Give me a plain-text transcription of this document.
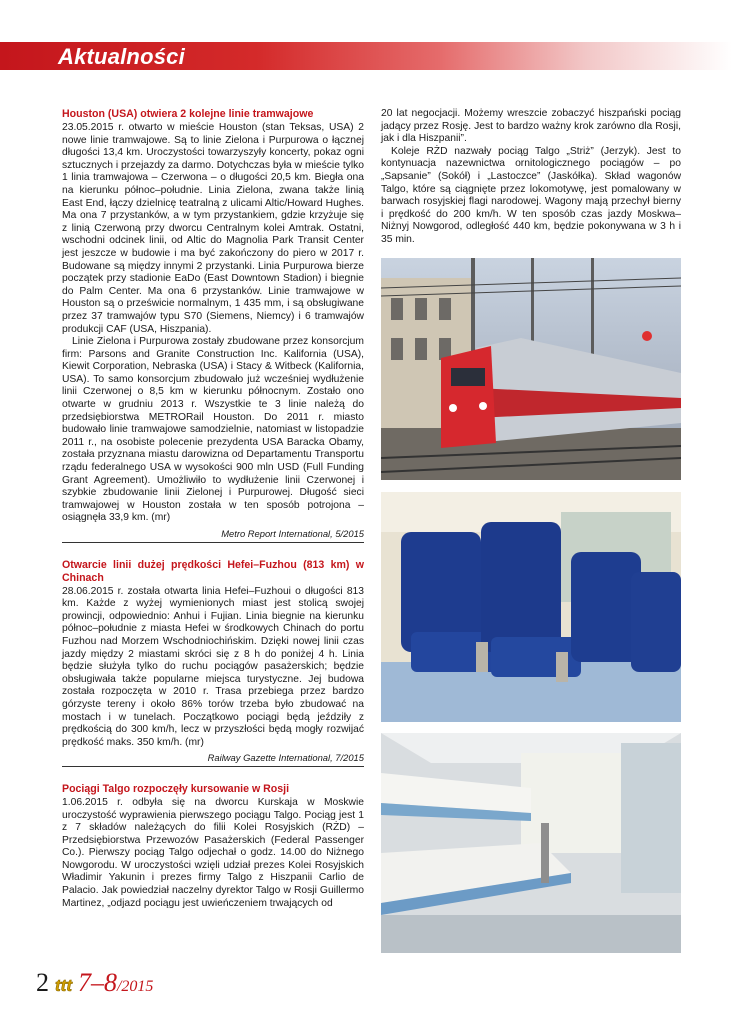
Aktualności
Houston (USA) otwiera 2 kolejne linie tramwajowe

23.05.2015 r. otwarto w mieście Houston (stan Teksas, USA) 2 nowe linie tramwajowe. Są to linie Zielona i Purpurowa o łącznej długości 13,4 km. Uroczystości towarzyszyły koncerty, pokaz ogni sztucznych i przejazdy za darmo. Dotychczas była w mieście tylko 1 linia tramwajowa – Czerwona – o długości 20,5 km. Biegła ona na kierunku północ–południe. Linia Zielona, zwana także linią East End, łączy dzielnicę teatralną z ulicami Altic/Howard Hughes. Ma ona 7 przystanków, a w tym przystankiem, gdzie krzyżuje się z linią Czerwoną przy dworcu Centralnym kolei Amtrak. Ostatni, wschodni odcinek linii, od Altic do Magnolia Park Transit Center jest jeszcze w budowie i ma być zakończony do piero w 2017 r. Budowane są między innymi 2 przystanki. Linia Purpurowa bierze początek przy stadionie EaDo (East Downtown Stadion) i biegnie do Palm Center. Ma ona 6 przystanków. Linie tramwajowe w Houston są o prześwicie normalnym, 1 435 mm, i są obsługiwane przez 37 tramwajów typu S70 (Siemens, Niemcy) i 6 tramwajów produkcji CAF (USA, Hiszpania).

Linie Zielona i Purpurowa zostały zbudowane przez konsorcjum firm: Parsons and Granite Construction Inc. Kalifornia (USA), Kiewit Corporation, Nebraska (USA) i Stacy & Witbeck (Kalifornia, USA). To samo konsorcjum zbudowało już wcześniej wydłużenie linii Czerwonej o 8,5 km w kierunku północnym. Zostało ono otwarte w grudniu 2013 r. Wszystkie te 3 linie należą do przedsiębiorstwa METRORail Houston. Do 2011 r. miasto budowało linie tramwajowe samodzielnie, natomiast w listopadzie 2011 r., na osobiste polecenie prezydenta USA Baracka Obamy, została przyznana miastu darowizna od Departamentu Transportu rządu federalnego USA w wysokości 900 mln USD (Full Funding Grant Agreement). Umożliwiło to wydłużenie linii Czerwonej i szybkie zbudowanie linii Zielonej i Purpurowej. Długość sieci tramwajowej w Houston została w ten sposób potrojona – osiągnęła 33,9 km. (mr)

Metro Report International, 5/2015
Otwarcie linii dużej prędkości Hefei–Fuzhou (813 km) w Chinach

28.06.2015 r. została otwarta linia Hefei–Fuzhoui o długości 813 km. Każde z wyżej wymienionych miast jest stolicą swojej prowincji, odpowiednio: Anhui i Fujian. Linia biegnie na kierunku północ–południe z miasta Hefei w środkowych Chinach do portu Fuzhou nad Morzem Wschodniochińskim. Dzięki nowej linii czas jazdy między 2 miastami skróci się z 8 h do poniżej 4 h. Linia będzie służyła tylko do ruchu pociągów pasażerskich; będzie obsługiwała także popularne miejsca turystyczne. Jej budowa została rozpoczęta w 2010 r. Trasa przebiega przez bardzo górzyste tereny i około 86% torów trzeba było zbudować na mostach i w tunelach. Początkowo pociągi będą jeździły z prędkością do 300 km/h, lecz w przyszłości będą mogły rozwijać prędkość maks. 350 km/h. (mr)

Railway Gazette International, 7/2015
Pociągi Talgo rozpoczęły kursowanie w Rosji

1.06.2015 r. odbyła się na dworcu Kurskaja w Moskwie uroczystość wyprawienia pierwszego pociągu Talgo. Pociąg jest 1 z 7 składów należących do filii Kolei Rosyjskich (RŻD) – Przedsiębiorstwa Przewozów Pasażerskich (Federal Passenger Co.). Pierwszy pociąg Talgo odjechał o godz. 14.00 do Niżnego Nowgorodu. W uroczystości wzięli udział prezes Kolei Rosyjskich Władimir Yakunin i prezes firmy Talgo z Hiszpanii Carlio de Palacio. Jak powiedział naczelny dyrektor Talgo w Rosji Guillermo Martinez, „odjazd pociągu jest uwieńczeniem trwających od

20 lat negocjacji. Możemy wreszcie zobaczyć hiszpański pociąg jadący przez Rosję. Jest to bardzo ważny krok zarówno dla Rosji, jak i dla Hiszpanii”.

Koleje RŻD nazwały pociąg Talgo „Striż” (Jerzyk). Jest to kontynuacja nazewnictwa ornitologicznego pociągów – po „Sapsanie” (Sokół) i „Lastoczce” (Jaskółka). Skład wagonów Talgo, które są ciągnięte przez lokomotywę, jest pomalowany w barwach rosyjskiej flagi narodowej. Wagony mają przechył bierny i prędkość do 200 km/h. W ten sposób czas jazdy Moskwa–Niżnyj Nowgorod, odległość 440 km, będzie pokonywana w 3 h i 35 min.

2 ttt 7–8 /2015
